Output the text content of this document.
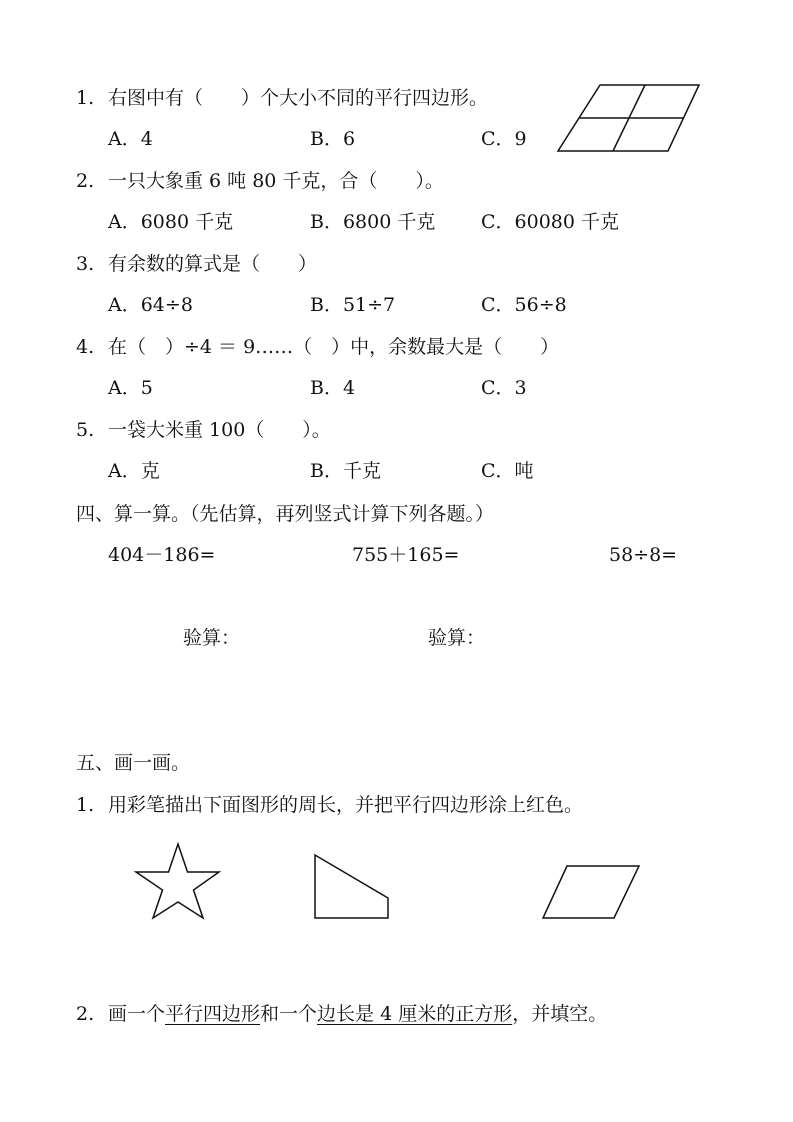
1. 右图中有（　　）个大小不同的平行四边形。
A．4	B．6	C．9
2. 一只大象重 6 吨 80 千克，合（　　）。
A．6080 千克	B．6800 千克 C．60080 千克
3. 有余数的算式是（　　）
A．64÷8	B．51÷7	C．56÷8
4. 在（　）÷4 ＝ 9……（　）中，余数最大是（　　）
A．5	B．4	C．3
5. 一袋大米重 100（　　）。
A．克	B．千克	C．吨
四、算一算。（先估算，再列竖式计算下列各题。）
404－186=	755＋165=	58÷8=
验算：	验算：
五、画一画。
1. 用彩笔描出下面图形的周长，并把平行四边形涂上红色。
2. 画一个平行四边形和一个边长是 4 厘米的正方形，并填空。
